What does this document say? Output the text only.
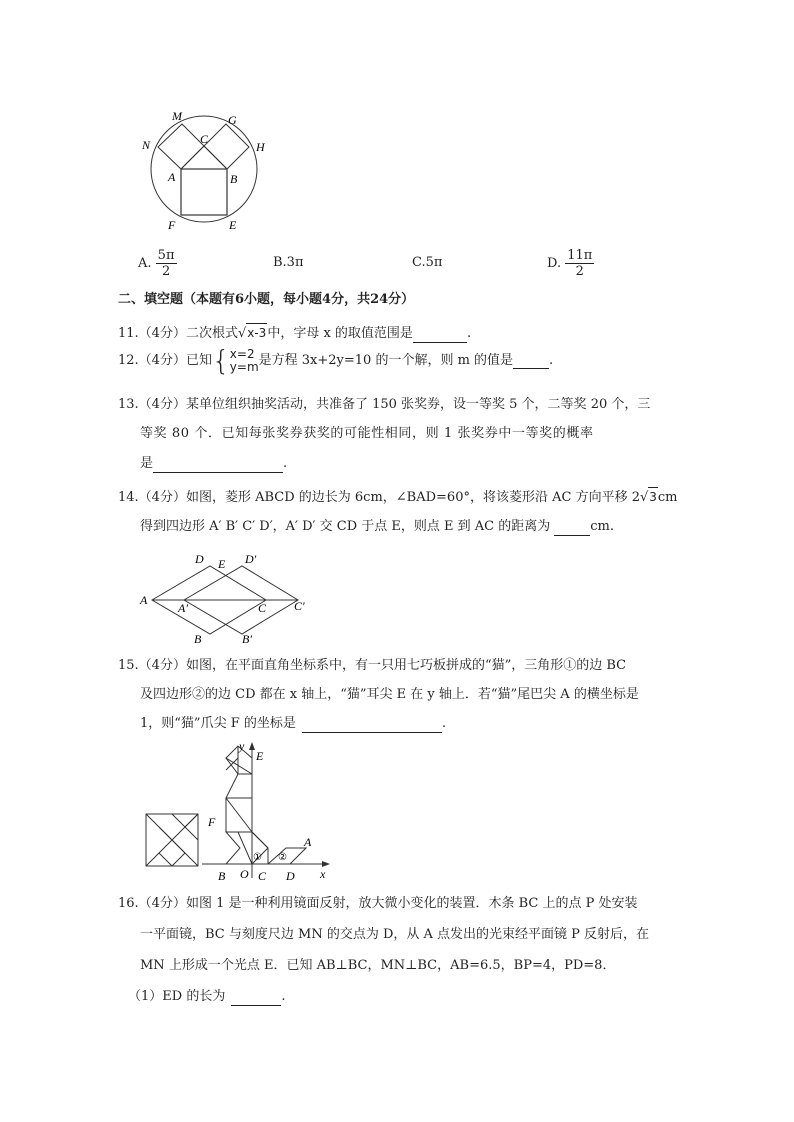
M	G
N	C
H
A	B
F	E
A. $\frac{5\pi}{2}$	B.3π	C.5π	D. $\frac{11\pi}{2}$
二、填空题（本题有6小题，每小题4分，共24分）
11.（4分）二次根式√x-3中，字母 x 的取值范围是	.
12.（4分）已知{ x=2
y=m 是方程 3x+2y=10 的一个解，则 m 的值是	.
13.（4分）某单位组织抽奖活动，共准备了 150 张奖券，设一等奖 5 个，二等奖 20 个，三
等奖 80 个．已知每张奖券获奖的可能性相同，则 1 张奖券中一等奖的概率
是	.
14.（4分）如图，菱形 ABCD 的边长为 6cm，∠BAD=60°，将该菱形沿 AC 方向平移 2√3cm
得到四边形 A′ B′ C′ D′，A′ D′ 交 CD 于点 E，则点 E 到 AC 的距离为	cm.
D E D′
A
A′	C C′
B	B′
15.（4分）如图，在平面直角坐标系中，有一只用七巧板拼成的“猫”，三角形①的边 BC
及四边形②的边 CD 都在 x 轴上，“猫”耳尖 E 在 y 轴上．若“猫”尾巴尖 A 的横坐标是
1，则“猫”爪尖 F 的坐标是	.
y
E
F
A
① ②
B O C D x
16.（4分）如图 1 是一种利用镜面反射，放大微小变化的装置．木条 BC 上的点 P 处安装
一平面镜，BC 与刻度尺边 MN 的交点为 D，从 A 点发出的光束经平面镜 P 反射后，在
MN 上形成一个光点 E．已知 AB⊥BC，MN⊥BC，AB=6.5，BP=4，PD=8．
（1）ED 的长为	.
